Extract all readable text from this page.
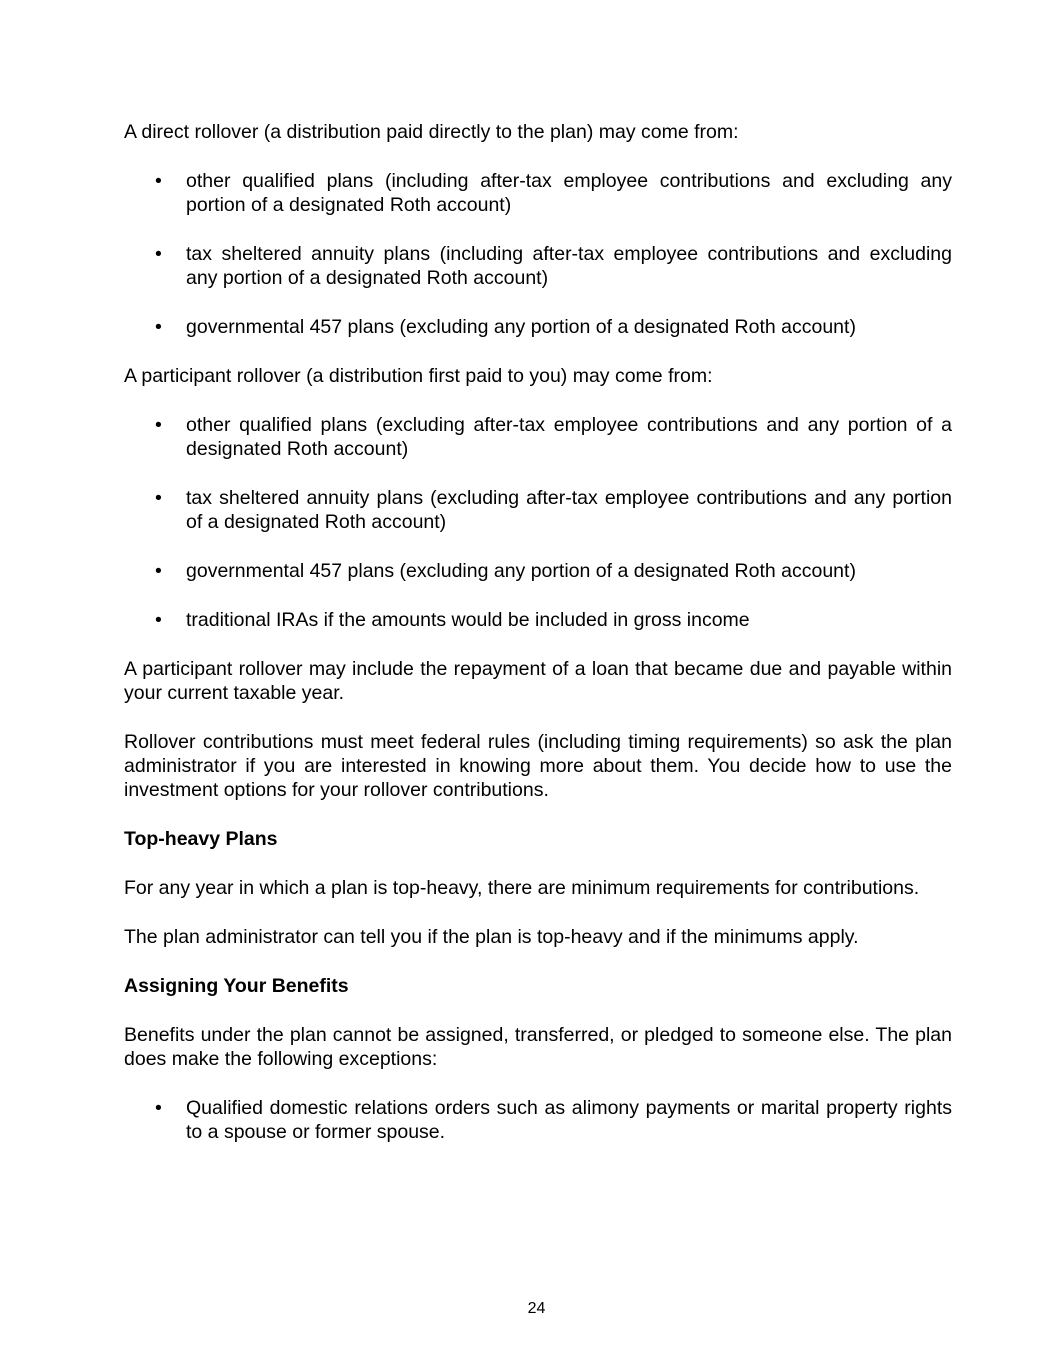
A direct rollover (a distribution paid directly to the plan) may come from:

• other qualified plans (including after-tax employee contributions and excluding any portion of a designated Roth account)
• tax sheltered annuity plans (including after-tax employee contributions and excluding any portion of a designated Roth account)
• governmental 457 plans (excluding any portion of a designated Roth account)

A participant rollover (a distribution first paid to you) may come from:

• other qualified plans (excluding after-tax employee contributions and any portion of a designated Roth account)
• tax sheltered annuity plans (excluding after-tax employee contributions and any portion of a designated Roth account)
• governmental 457 plans (excluding any portion of a designated Roth account)
• traditional IRAs if the amounts would be included in gross income

A participant rollover may include the repayment of a loan that became due and payable within your current taxable year.

Rollover contributions must meet federal rules (including timing requirements) so ask the plan administrator if you are interested in knowing more about them. You decide how to use the investment options for your rollover contributions.

Top-heavy Plans

For any year in which a plan is top-heavy, there are minimum requirements for contributions.

The plan administrator can tell you if the plan is top-heavy and if the minimums apply.

Assigning Your Benefits

Benefits under the plan cannot be assigned, transferred, or pledged to someone else. The plan does make the following exceptions:

• Qualified domestic relations orders such as alimony payments or marital property rights to a spouse or former spouse.
24
